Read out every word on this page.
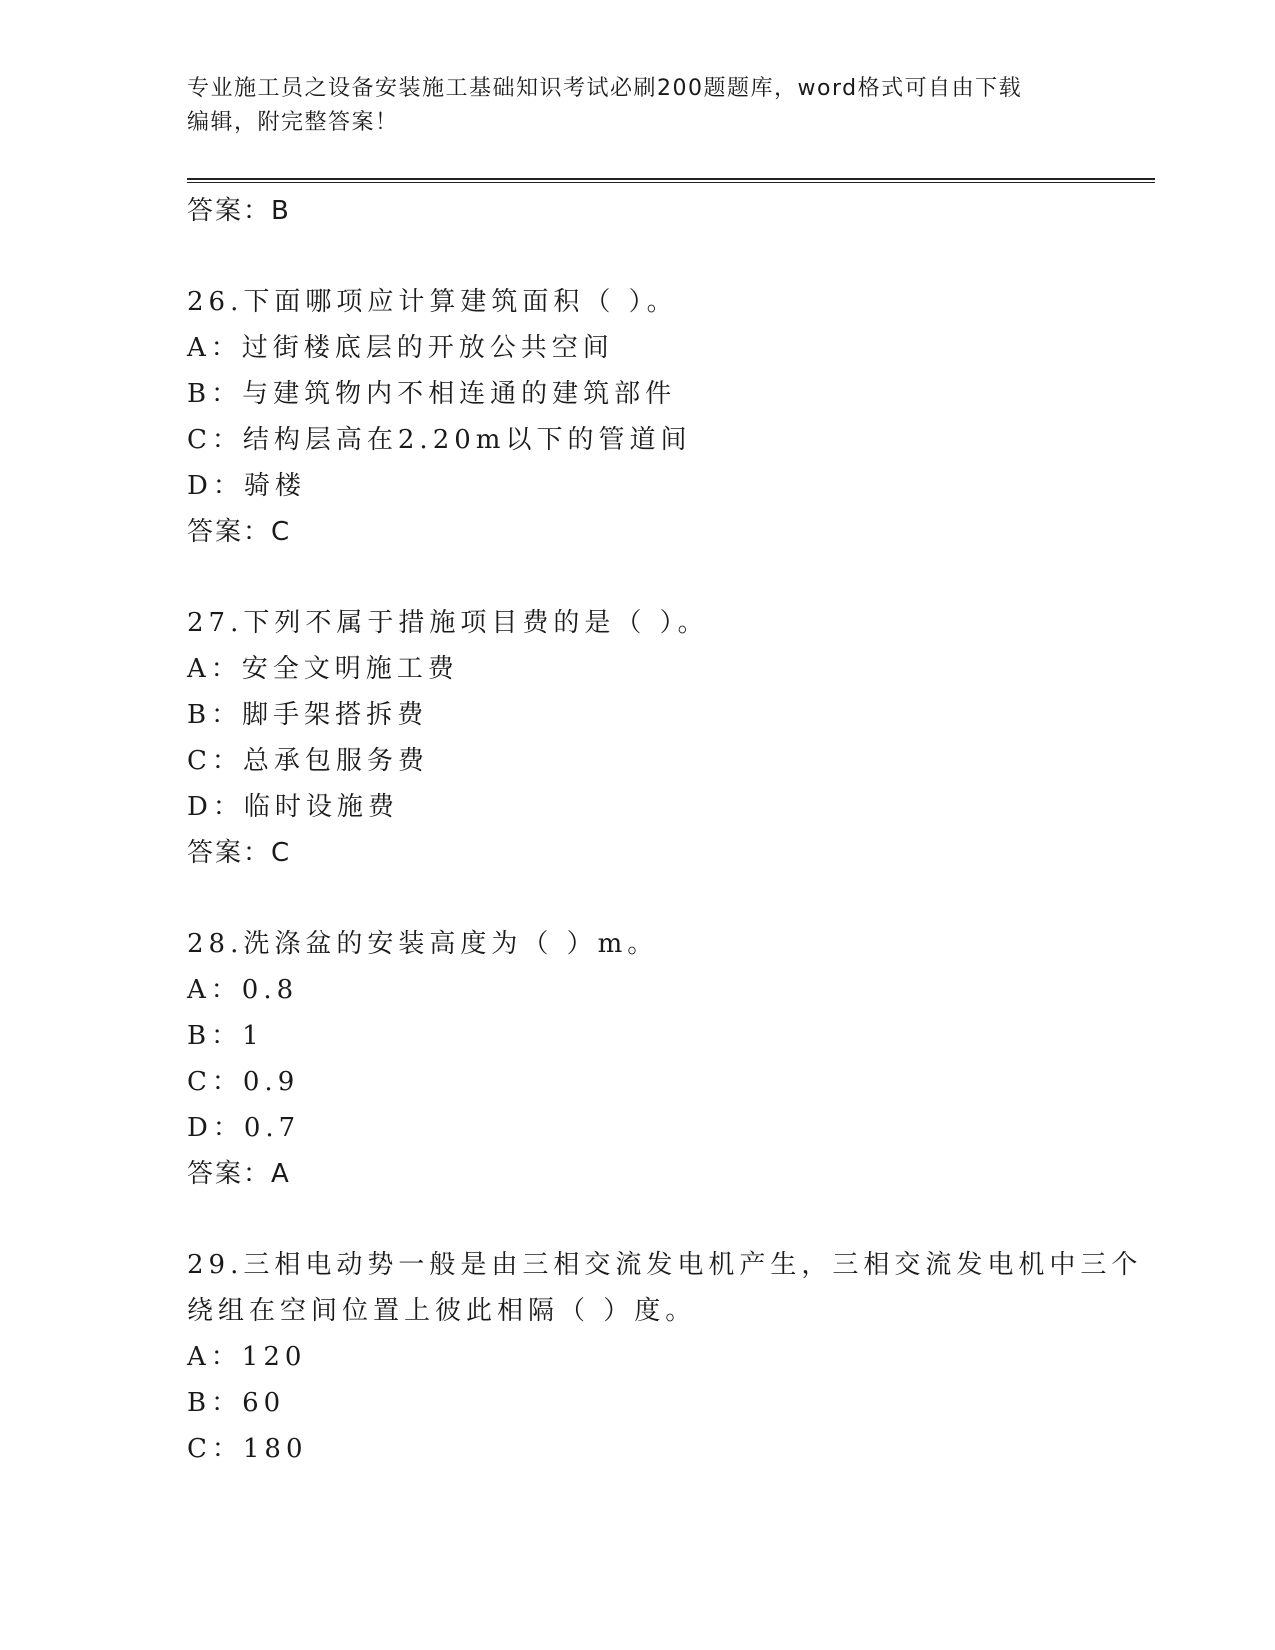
专业施工员之设备安装施工基础知识考试必刷200题题库，word格式可自由下载
编辑，附完整答案！
答案：B
26.下面哪项应计算建筑面积（ ）。
A：过街楼底层的开放公共空间
B：与建筑物内不相连通的建筑部件
C：结构层高在2.20m以下的管道间
D：骑楼
答案：C
27.下列不属于措施项目费的是（ ）。
A：安全文明施工费
B：脚手架搭拆费
C：总承包服务费
D：临时设施费
答案：C
28.洗涤盆的安装高度为（ ）m。
A：0.8
B：1
C：0.9
D：0.7
答案：A
29.三相电动势一般是由三相交流发电机产生，三相交流发电机中三个
绕组在空间位置上彼此相隔（ ）度。
A：120
B：60
C：180
